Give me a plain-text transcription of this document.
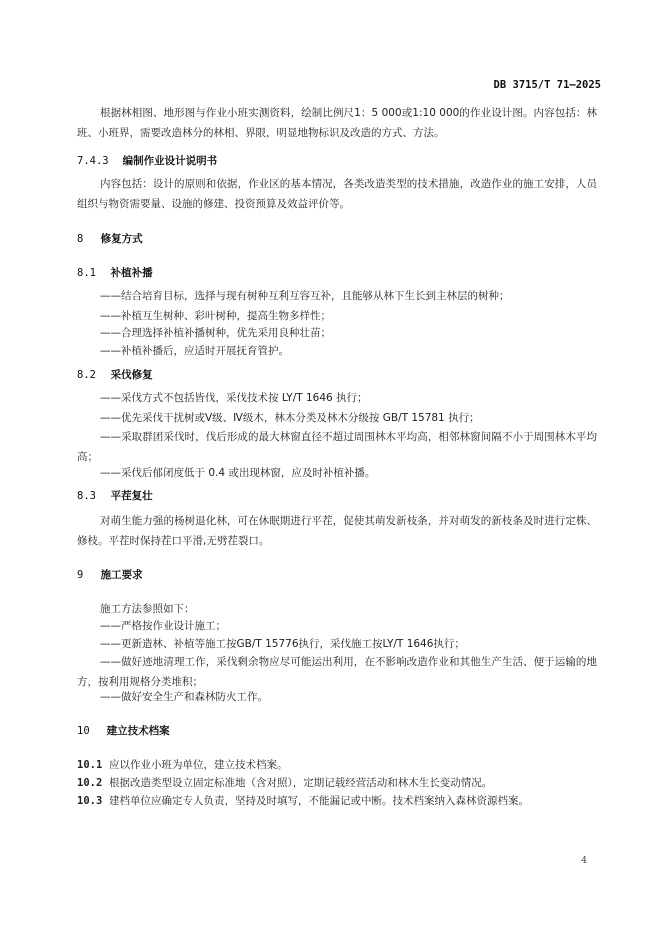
DB 3715/T 71—2025
根据林相图、地形图与作业小班实测资料，绘制比例尺1：5 000或1:10 000的作业设计图。内容包括：林班、小班界，需要改造林分的林相、界限，明显地物标识及改造的方式、方法。
7.4.3 编制作业设计说明书
内容包括：设计的原则和依据，作业区的基本情况，各类改造类型的技术措施，改造作业的施工安排，人员组织与物资需要量、设施的修建、投资预算及效益评价等。
8 修复方式
8.1 补植补播
——结合培育目标，选择与现有树种互利互容互补，且能够从林下生长到主林层的树种；
——补植互生树种、彩叶树种，提高生物多样性；
——合理选择补植补播树种，优先采用良种壮苗；
——补植补播后，应适时开展抚育管护。
8.2 采伐修复
——采伐方式不包括皆伐，采伐技术按 LY/T 1646 执行；
——优先采伐干扰树或Ⅴ级、Ⅳ级木，林木分类及林木分级按 GB/T 15781 执行；
——采取群团采伐时，伐后形成的最大林窗直径不超过周围林木平均高，相邻林窗间隔不小于周围林木平均高；
——采伐后郁闭度低于 0.4 或出现林窗，应及时补植补播。
8.3 平茬复壮
对萌生能力强的杨树退化林，可在休眠期进行平茬，促使其萌发新枝条，并对萌发的新枝条及时进行定株、修枝。平茬时保持茬口平滑,无劈茬裂口。
9 施工要求
施工方法参照如下：
——严格按作业设计施工；
——更新造林、补植等施工按GB/T 15776执行，采伐施工按LY/T 1646执行；
——做好迹地清理工作，采伐剩余物应尽可能运出利用，在不影响改造作业和其他生产生活、便于运输的地方，按利用规格分类堆积；
——做好安全生产和森林防火工作。
10 建立技术档案
10.1 应以作业小班为单位，建立技术档案。
10.2 根据改造类型设立固定标准地（含对照），定期记载经营活动和林木生长变动情况。
10.3 建档单位应确定专人负责，坚持及时填写，不能漏记或中断。技术档案纳入森林资源档案。
4
